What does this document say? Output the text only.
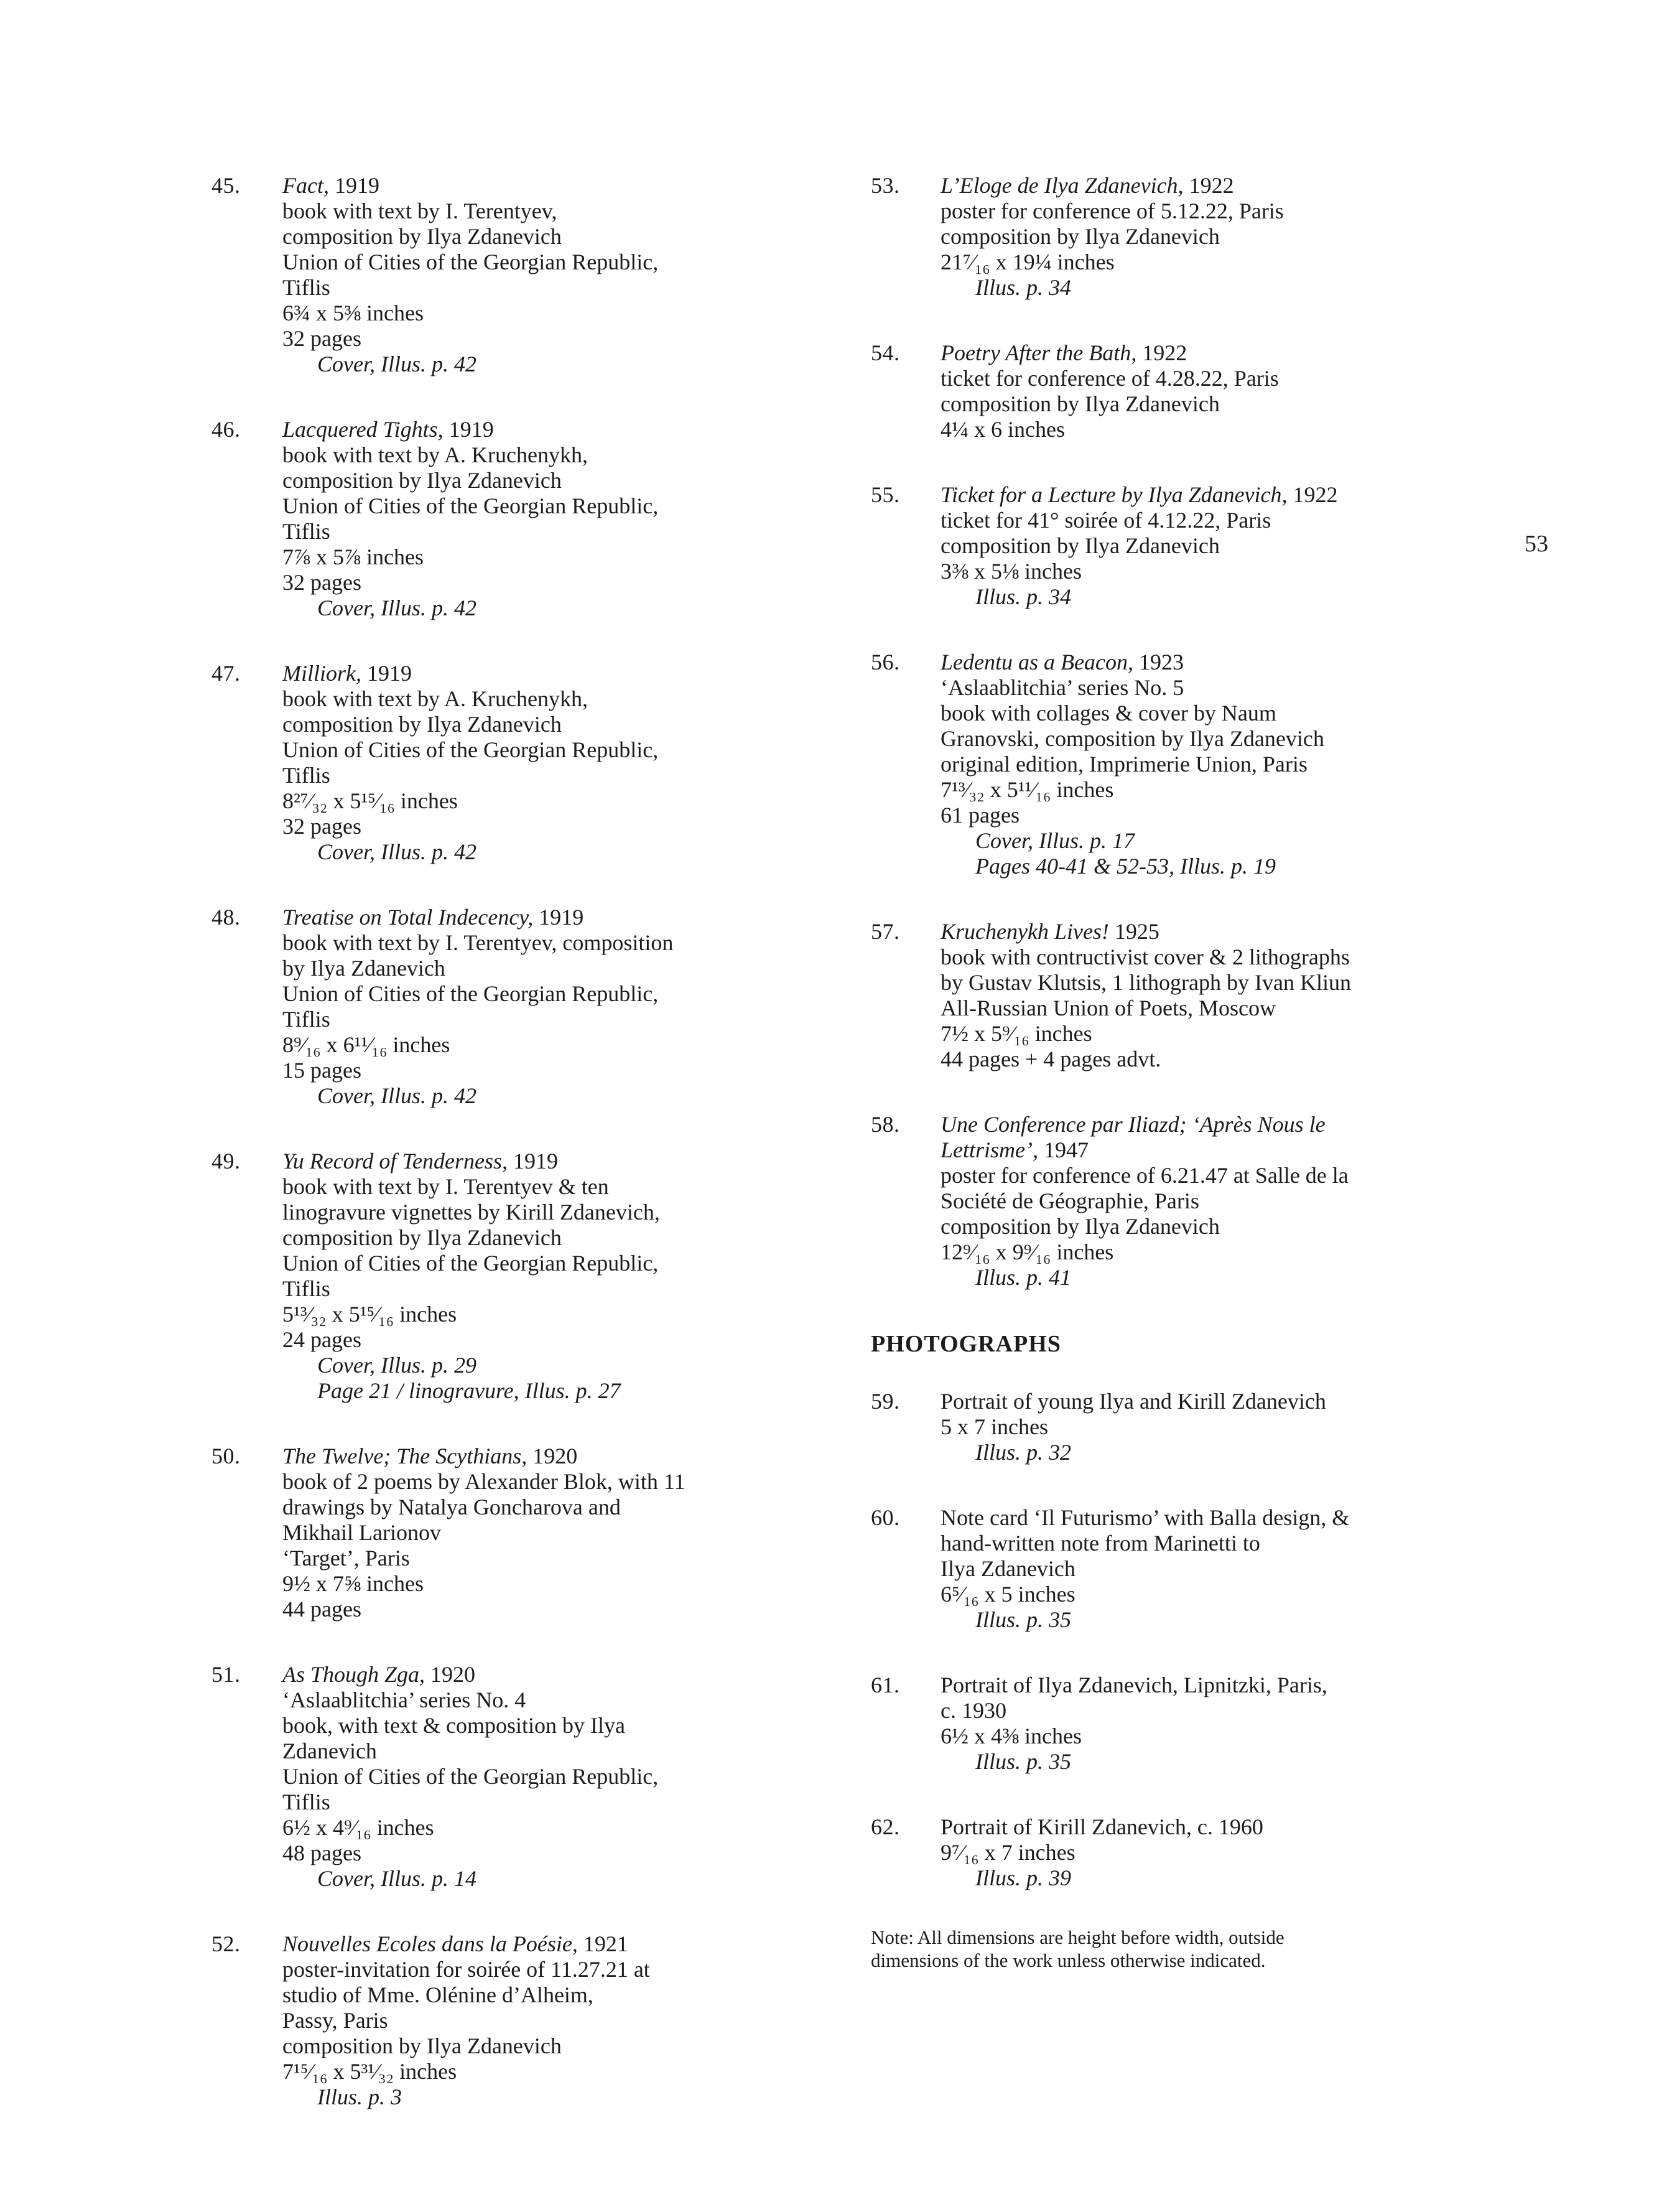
45.	Fact, 1919
book with text by I. Terentyev,
composition by Ilya Zdanevich
Union of Cities of the Georgian Republic,
Tiflis
6¾ x 5⅜ inches
32 pages
Cover, Illus. p. 42
46.	Lacquered Tights, 1919
book with text by A. Kruchenykh,
composition by Ilya Zdanevich
Union of Cities of the Georgian Republic,
Tiflis
7⅞ x 5⅞ inches
32 pages
Cover, Illus. p. 42
47.	Milliork, 1919
book with text by A. Kruchenykh,
composition by Ilya Zdanevich
Union of Cities of the Georgian Republic,
Tiflis
8²⁷⁄₃₂ x 5¹⁵⁄₁₆ inches
32 pages
Cover, Illus. p. 42
48.	Treatise on Total Indecency, 1919
book with text by I. Terentyev, composition
by Ilya Zdanevich
Union of Cities of the Georgian Republic,
Tiflis
8⁹⁄₁₆ x 6¹¹⁄₁₆ inches
15 pages
Cover, Illus. p. 42
49.	Yu Record of Tenderness, 1919
book with text by I. Terentyev & ten
linogravure vignettes by Kirill Zdanevich,
composition by Ilya Zdanevich
Union of Cities of the Georgian Republic,
Tiflis
5¹³⁄₃₂ x 5¹⁵⁄₁₆ inches
24 pages
Cover, Illus. p. 29
Page 21 / linogravure, Illus. p. 27
50.	The Twelve; The Scythians, 1920
book of 2 poems by Alexander Blok, with 11
drawings by Natalya Goncharova and
Mikhail Larionov
‘Target’, Paris
9½ x 7⅝ inches
44 pages
51.	As Though Zga, 1920
‘Aslaablitchia’ series No. 4
book, with text & composition by Ilya
Zdanevich
Union of Cities of the Georgian Republic,
Tiflis
6½ x 4⁹⁄₁₆ inches
48 pages
Cover, Illus. p. 14
52.	Nouvelles Ecoles dans la Poésie, 1921
poster-invitation for soirée of 11.27.21 at
studio of Mme. Olénine d’Alheim,
Passy, Paris
composition by Ilya Zdanevich
7¹⁵⁄₁₆ x 5³¹⁄₃₂ inches
Illus. p. 3
53.	L’Eloge de Ilya Zdanevich, 1922
poster for conference of 5.12.22, Paris
composition by Ilya Zdanevich
21⁷⁄₁₆ x 19¼ inches
Illus. p. 34
54.	Poetry After the Bath, 1922
ticket for conference of 4.28.22, Paris
composition by Ilya Zdanevich
4¼ x 6 inches
55.	Ticket for a Lecture by Ilya Zdanevich, 1922
ticket for 41° soirée of 4.12.22, Paris
composition by Ilya Zdanevich
3⅜ x 5⅛ inches
Illus. p. 34
56.	Ledentu as a Beacon, 1923
‘Aslaablitchia’ series No. 5
book with collages & cover by Naum
Granovski, composition by Ilya Zdanevich
original edition, Imprimerie Union, Paris
7¹³⁄₃₂ x 5¹¹⁄₁₆ inches
61 pages
Cover, Illus. p. 17
Pages 40-41 & 52-53, Illus. p. 19
57.	Kruchenykh Lives! 1925
book with contructivist cover & 2 lithographs
by Gustav Klutsis, 1 lithograph by Ivan Kliun
All-Russian Union of Poets, Moscow
7½ x 5⁹⁄₁₆ inches
44 pages + 4 pages advt.
58.	Une Conference par Iliazd; ‘Après Nous le
Lettrisme’, 1947
poster for conference of 6.21.47 at Salle de la
Société de Géographie, Paris
composition by Ilya Zdanevich
12⁹⁄₁₆ x 9⁹⁄₁₆ inches
Illus. p. 41
PHOTOGRAPHS
59.	Portrait of young Ilya and Kirill Zdanevich
5 x 7 inches
Illus. p. 32
60.	Note card ‘Il Futurismo’ with Balla design, &
hand-written note from Marinetti to
Ilya Zdanevich
6⁵⁄₁₆ x 5 inches
Illus. p. 35
61.	Portrait of Ilya Zdanevich, Lipnitzki, Paris,
c. 1930
6½ x 4⅜ inches
Illus. p. 35
62.	Portrait of Kirill Zdanevich, c. 1960
9⁷⁄₁₆ x 7 inches
Illus. p. 39
Note: All dimensions are height before width, outside
dimensions of the work unless otherwise indicated.
53
